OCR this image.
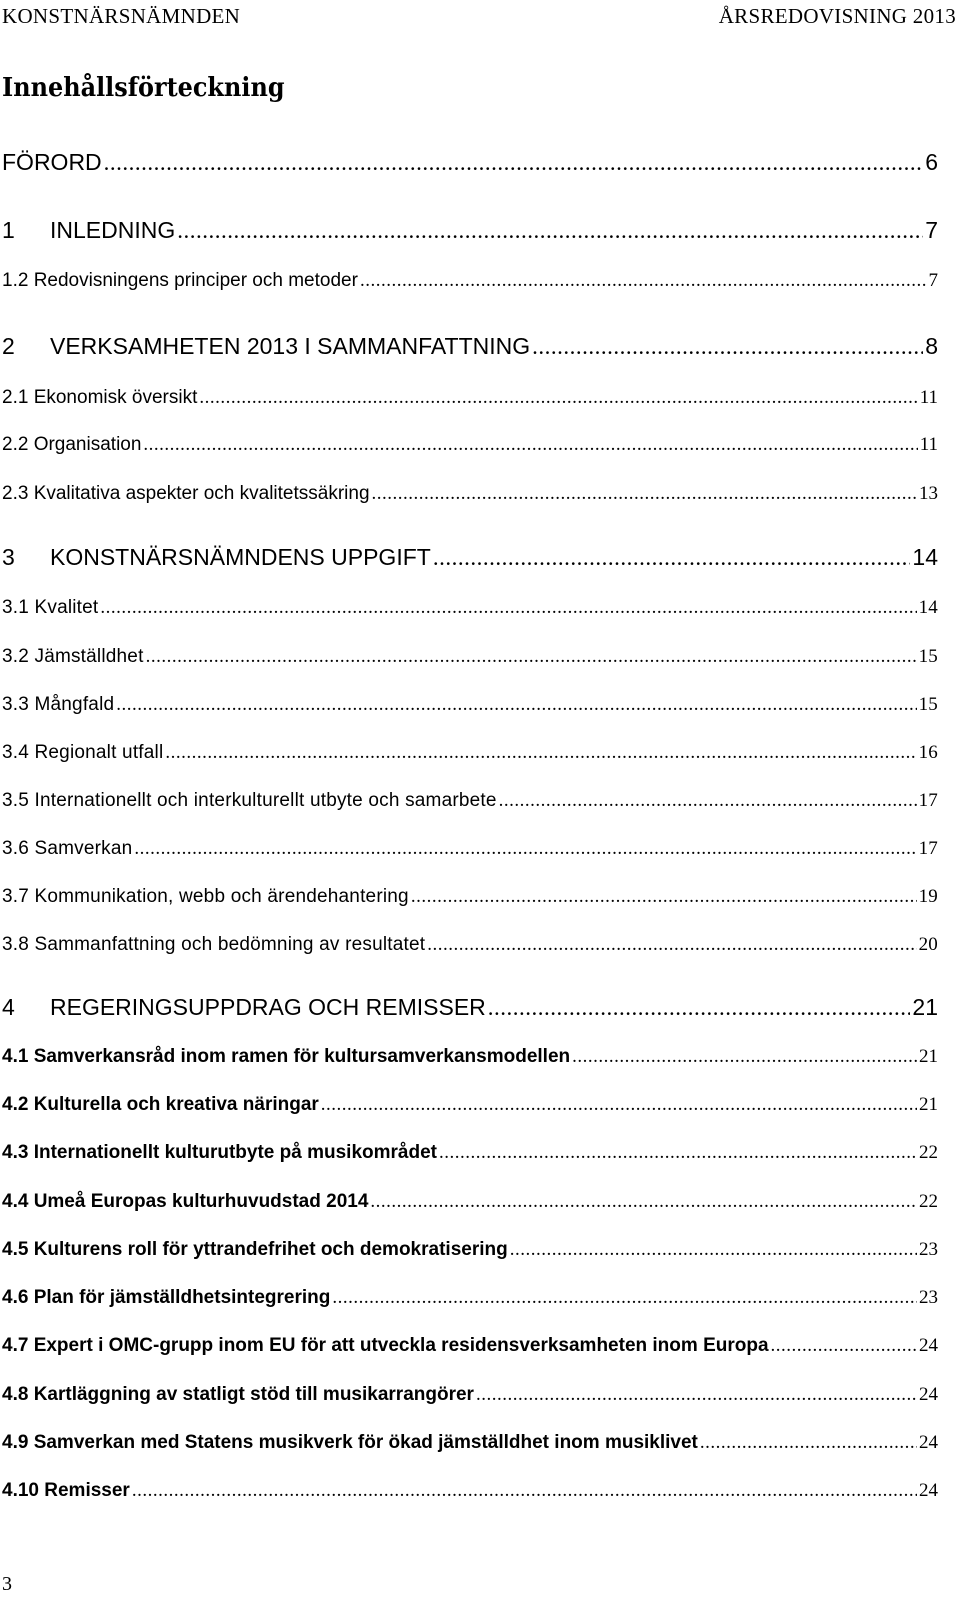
KONSTNÄRSNÄMNDEN	ÅRSREDOVISNING 2013
Innehållsförteckning
FÖRORD .....	6
1	INLEDNING .....	7
1.2 Redovisningens principer och metoder .....	7
2	VERKSAMHETEN 2013 I SAMMANFATTNING .....	8
2.1 Ekonomisk översikt .....	11
2.2 Organisation .....	11
2.3 Kvalitativa aspekter och kvalitetssäkring .....	13
3	KONSTNÄRSNÄMNDENS UPPGIFT .....	14
3.1 Kvalitet .....	14
3.2 Jämställdhet .....	15
3.3 Mångfald .....	15
3.4 Regionalt utfall .....	16
3.5 Internationellt och interkulturellt utbyte och samarbete .....	17
3.6 Samverkan .....	17
3.7 Kommunikation, webb och ärendehantering .....	19
3.8 Sammanfattning och bedömning av resultatet .....	20
4	REGERINGSUPPDRAG OCH REMISSER .....	21
4.1 Samverkansråd inom ramen för kultursamverkansmodellen .....	21
4.2 Kulturella och kreativa näringar .....	21
4.3 Internationellt kulturutbyte på musikområdet .....	22
4.4 Umeå Europas kulturhuvudstad 2014 .....	22
4.5 Kulturens roll för yttrandefrihet och demokratisering .....	23
4.6 Plan för jämställdhetsintegrering .....	23
4.7 Expert i OMC-grupp inom EU för att utveckla residensverksamheten inom Europa .....	24
4.8 Kartläggning av statligt stöd till musikarrangörer .....	24
4.9 Samverkan med Statens musikverk för ökad jämställdhet inom musiklivet .....	24
4.10 Remisser .....	24
3
